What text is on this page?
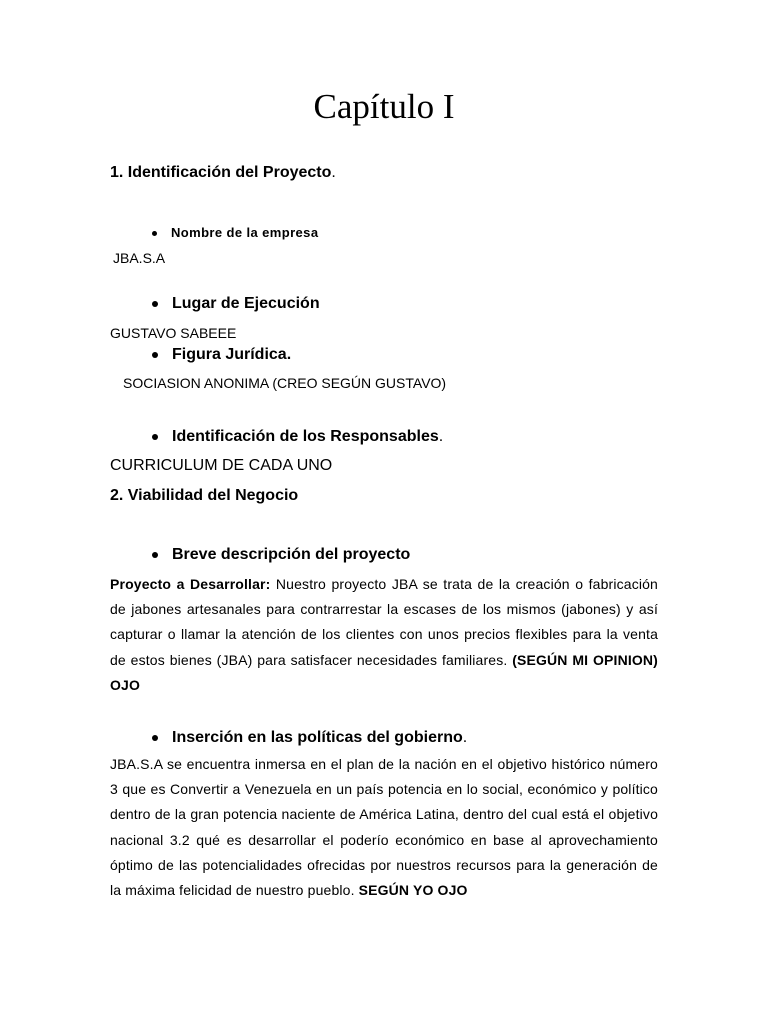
Capítulo I
1. Identificación del Proyecto.
Nombre de la empresa
JBA.S.A
Lugar de Ejecución
GUSTAVO SABEEE
Figura Jurídica.
SOCIASION ANONIMA (CREO SEGÚN GUSTAVO)
Identificación de los Responsables.
CURRICULUM DE CADA UNO
2. Viabilidad del Negocio
Breve descripción del proyecto
Proyecto a Desarrollar: Nuestro proyecto JBA se trata de la creación o fabricación de jabones artesanales para contrarrestar la escases de los mismos (jabones) y así capturar o llamar la atención de los clientes con unos precios flexibles para la venta de estos bienes (JBA) para satisfacer necesidades familiares. (SEGÚN MI OPINION) OJO
Inserción en las políticas del gobierno.
JBA.S.A se encuentra inmersa en el plan de la nación en el objetivo histórico número 3 que es Convertir a Venezuela en un país potencia en lo social, económico y político dentro de la gran potencia naciente de América Latina, dentro del cual está el objetivo nacional 3.2 qué es desarrollar el poderío económico en base al aprovechamiento óptimo de las potencialidades ofrecidas por nuestros recursos para la generación de la máxima felicidad de nuestro pueblo. SEGÚN YO OJO
